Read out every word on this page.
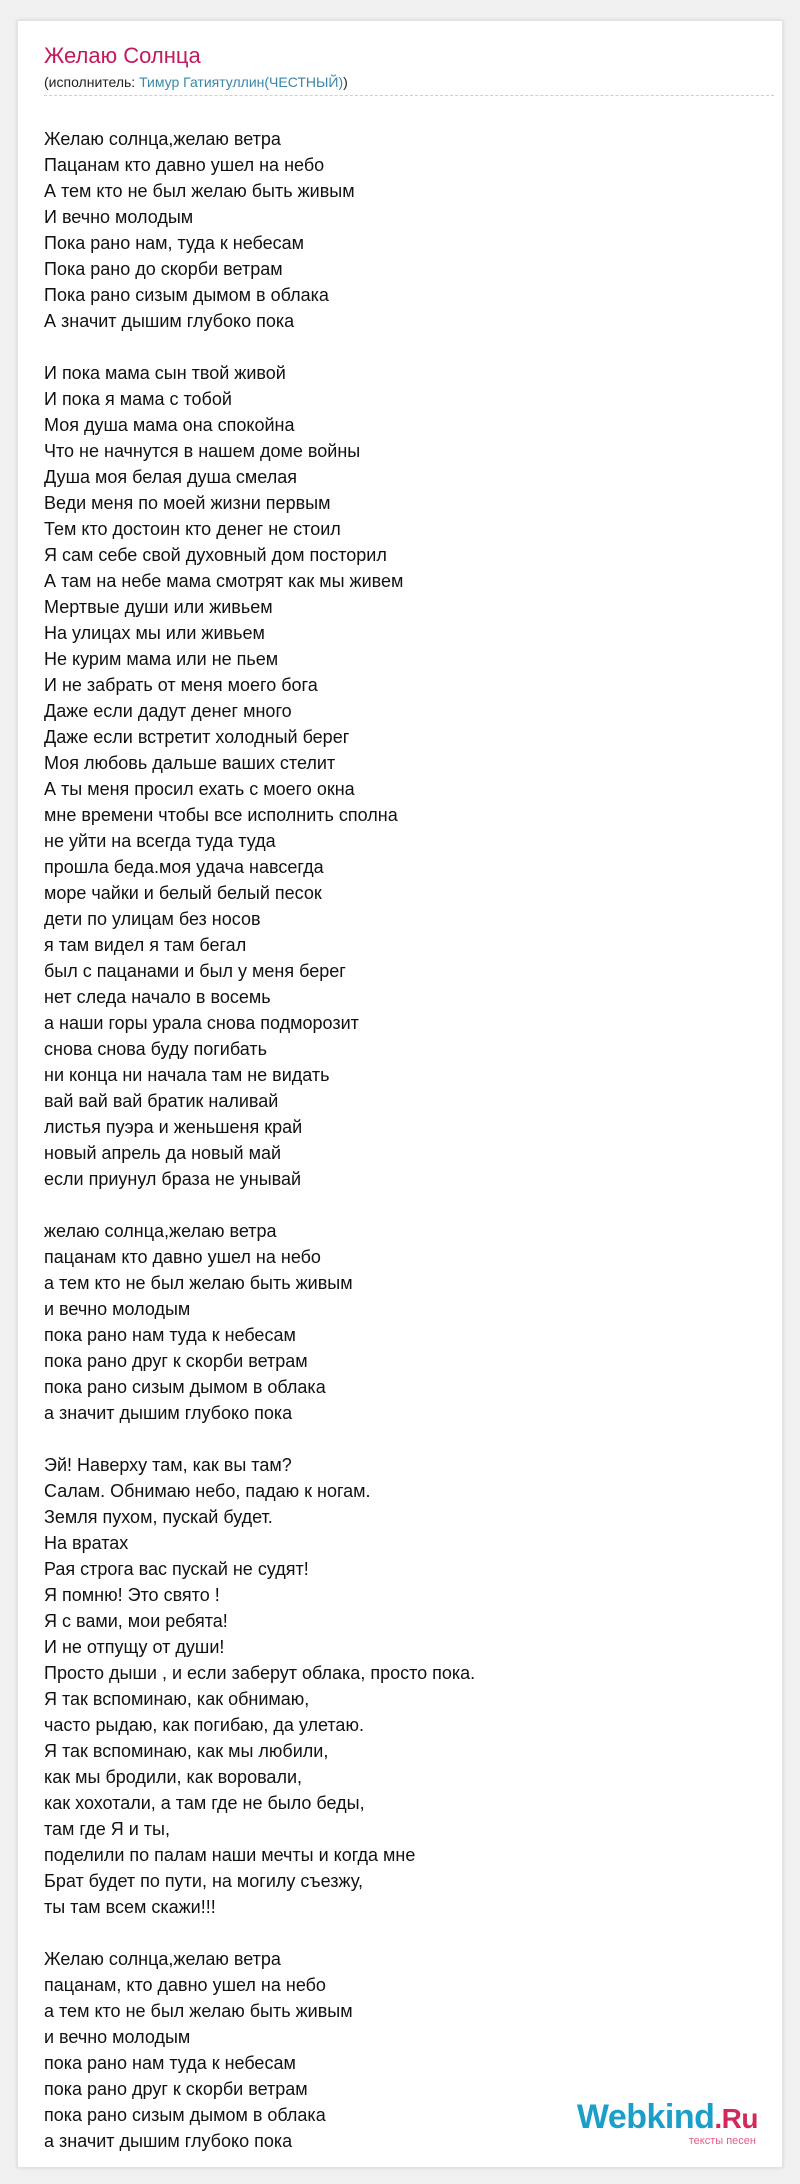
Желаю Солнца
(исполнитель: Тимур Гатиятуллин(ЧЕСТНЫЙ))
Желаю солнца,желаю ветра
Пацанам кто давно ушел на небо
А тем кто не был желаю быть живым
И вечно молодым
Пока рано нам, туда к небесам
Пока рано до скорби ветрам
Пока рано сизым дымом в облака
А значит дышим глубоко пока
И пока мама сын твой живой
И пока я мама с тобой
Моя душа мама она спокойна
Что не начнутся в нашем доме войны
Душа моя белая душа смелая
Веди меня по моей жизни первым
Тем кто достоин кто денег не стоил
Я сам себе свой духовный дом посторил
А там на небе мама смотрят как мы живем
Мертвые души или живьем
На улицах мы или живьем
Не курим мама или не пьем
И не забрать от меня моего бога
Даже если дадут денег много
Даже если встретит холодный берег
Моя любовь дальше ваших стелит
А ты меня просил ехать с моего окна
мне времени чтобы все исполнить сполна
не уйти на всегда туда туда
прошла беда.моя удача навсегда
море чайки и белый белый песок
дети по улицам без носов
я там видел я там бегал
был с пацанами и был у меня берег
нет следа начало в восемь
а наши горы урала снова подморозит
снова снова буду погибать
ни конца ни начала там не видать
вай вай вай братик наливай
листья пуэра и женьшеня край
новый апрель да новый май
если приунул браза не унывай
желаю солнца,желаю ветра
пацанам кто давно ушел на небо
а тем кто не был желаю быть живым
и вечно молодым
пока рано нам туда к небесам
пока рано друг к скорби ветрам
пока рано сизым дымом в облака
а значит дышим глубоко пока
Эй! Наверху там, как вы там?
Салам. Обнимаю небо, падаю к ногам.
Земля пухом, пускай будет.
На вратах
Рая строга вас пускай не судят!
Я помню! Это свято !
Я с вами, мои ребята!
И не отпущу от души!
Просто дыши , и если заберут облака, просто пока.
Я так вспоминаю, как обнимаю,
часто рыдаю, как погибаю, да улетаю.
Я так вспоминаю, как мы любили,
как мы бродили, как воровали,
как хохотали, а там где не было беды,
там где Я и ты,
поделили по палам наши мечты и когда мне
Брат будет по пути, на могилу съезжу,
ты там всем скажи!!!
Желаю солнца,желаю ветра
пацанам, кто давно ушел на небо
а тем кто не был желаю быть живым
и вечно молодым
пока рано нам туда к небесам
пока рано друг к скорби ветрам
пока рано сизым дымом в облака
а значит дышим глубоко пока
Webkind.Ru
тексты песен
